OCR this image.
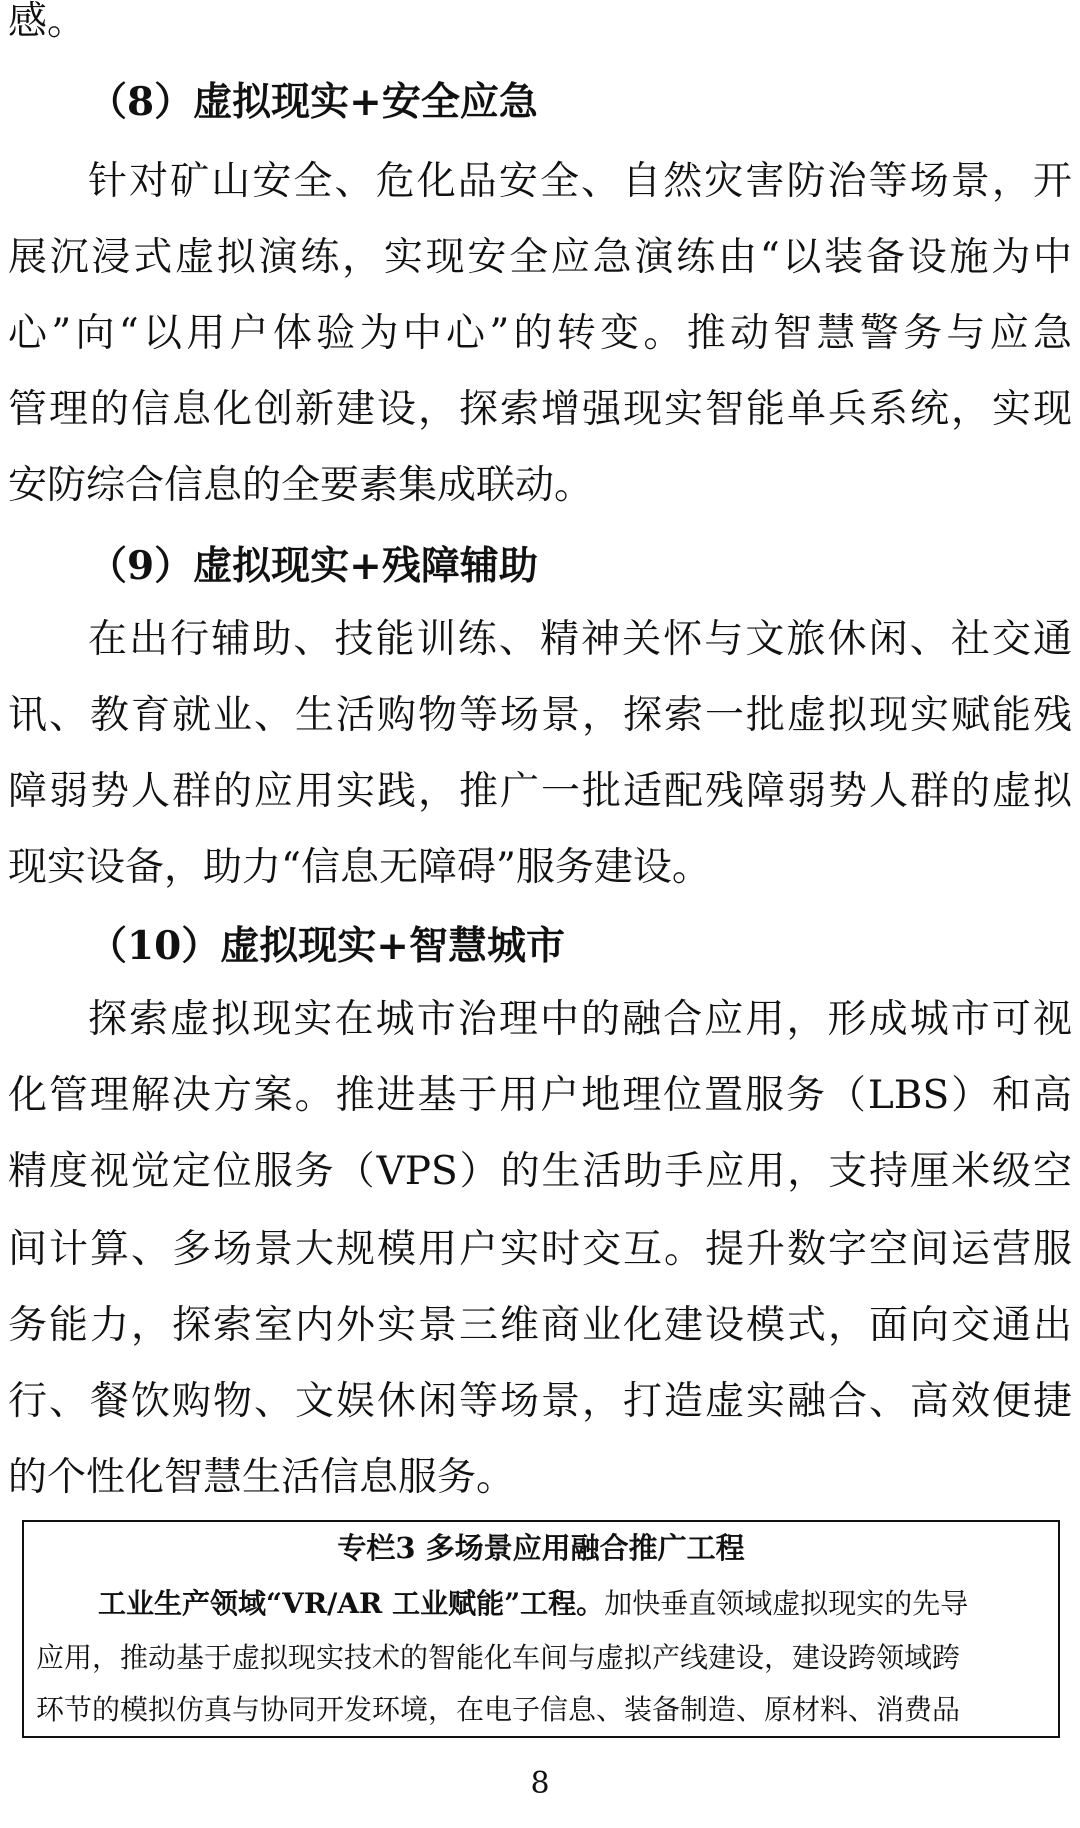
感。
（8）虚拟现实+安全应急
针对矿山安全、危化品安全、自然灾害防治等场景，开
展沉浸式虚拟演练，实现安全应急演练由“以装备设施为中
心”向“以用户体验为中心”的转变。推动智慧警务与应急
管理的信息化创新建设，探索增强现实智能单兵系统，实现
安防综合信息的全要素集成联动。
（9）虚拟现实+残障辅助
在出行辅助、技能训练、精神关怀与文旅休闲、社交通
讯、教育就业、生活购物等场景，探索一批虚拟现实赋能残
障弱势人群的应用实践，推广一批适配残障弱势人群的虚拟
现实设备，助力“信息无障碍”服务建设。
（10）虚拟现实+智慧城市
探索虚拟现实在城市治理中的融合应用，形成城市可视
化管理解决方案。推进基于用户地理位置服务（LBS）和高
精度视觉定位服务（VPS）的生活助手应用，支持厘米级空
间计算、多场景大规模用户实时交互。提升数字空间运营服
务能力，探索室内外实景三维商业化建设模式，面向交通出
行、餐饮购物、文娱休闲等场景，打造虚实融合、高效便捷
的个性化智慧生活信息服务。
专栏3 多场景应用融合推广工程
工业生产领域“VR/AR 工业赋能”工程。加快垂直领域虚拟现实的先导
应用，推动基于虚拟现实技术的智能化车间与虚拟产线建设，建设跨领域跨
环节的模拟仿真与协同开发环境，在电子信息、装备制造、原材料、消费品
8
